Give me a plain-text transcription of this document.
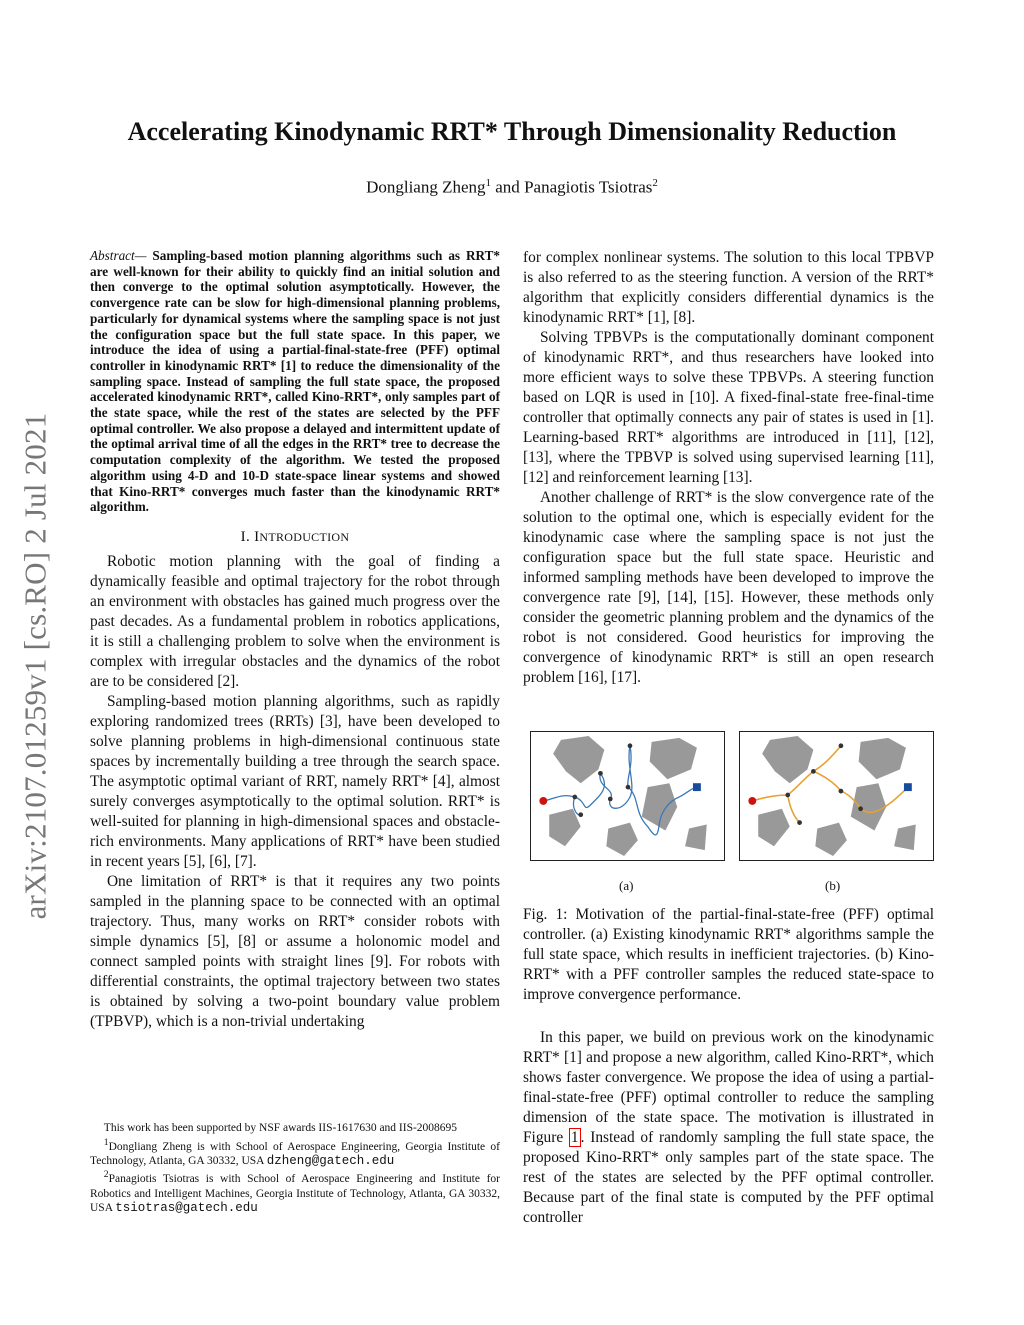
arXiv:2107.01259v1 [cs.RO] 2 Jul 2021
Accelerating Kinodynamic RRT* Through Dimensionality Reduction
Dongliang Zheng$^1$ and Panagiotis Tsiotras$^2$
Abstract— Sampling-based motion planning algorithms such as RRT* are well-known for their ability to quickly find an initial solution and then converge to the optimal solution asymptotically. However, the convergence rate can be slow for high-dimensional planning problems, particularly for dynamical systems where the sampling space is not just the configuration space but the full state space. In this paper, we introduce the idea of using a partial-final-state-free (PFF) optimal controller in kinodynamic RRT* [1] to reduce the dimensionality of the sampling space. Instead of sampling the full state space, the proposed accelerated kinodynamic RRT*, called Kino-RRT*, only samples part of the state space, while the rest of the states are selected by the PFF optimal controller. We also propose a delayed and intermittent update of the optimal arrival time of all the edges in the RRT* tree to decrease the computation complexity of the algorithm. We tested the proposed algorithm using 4-D and 10-D state-space linear systems and showed that Kino-RRT* converges much faster than the kinodynamic RRT* algorithm.
I. INTRODUCTION

Robotic motion planning with the goal of finding a dynamically feasible and optimal trajectory for the robot through an environment with obstacles has gained much progress over the past decades. As a fundamental problem in robotics applications, it is still a challenging problem to solve when the environment is complex with irregular obstacles and the dynamics of the robot are to be considered [2].

Sampling-based motion planning algorithms, such as rapidly exploring randomized trees (RRTs) [3], have been developed to solve planning problems in high-dimensional continuous state spaces by incrementally building a tree through the search space. The asymptotic optimal variant of RRT, namely RRT* [4], almost surely converges asymptotically to the optimal solution. RRT* is well-suited for planning in high-dimensional spaces and obstacle-rich environments. Many applications of RRT* have been studied in recent years [5], [6], [7].

One limitation of RRT* is that it requires any two points sampled in the planning space to be connected with an optimal trajectory. Thus, many works on RRT* consider robots with simple dynamics [5], [8] or assume a holonomic model and connect sampled points with straight lines [9]. For robots with differential constraints, the optimal trajectory between two states is obtained by solving a two-point boundary value problem (TPBVP), which is a non-trivial undertaking

This work has been supported by NSF awards IIS-1617630 and IIS-2008695

$^1$Dongliang Zheng is with School of Aerospace Engineering, Georgia Institute of Technology, Atlanta, GA 30332, USA dzheng@gatech.edu

$^2$Panagiotis Tsiotras is with School of Aerospace Engineering and Institute for Robotics and Intelligent Machines, Georgia Institute of Technology, Atlanta, GA 30332, USA tsiotras@gatech.edu

for complex nonlinear systems. The solution to this local TPBVP is also referred to as the steering function. A version of the RRT* algorithm that explicitly considers differential dynamics is the kinodynamic RRT* [1], [8].

Solving TPBVPs is the computationally dominant component of kinodynamic RRT*, and thus researchers have looked into more efficient ways to solve these TPBVPs. A steering function based on LQR is used in [10]. A fixed-final-state free-final-time controller that optimally connects any pair of states is used in [1]. Learning-based RRT* algorithms are introduced in [11], [12], [13], where the TPBVP is solved using supervised learning [11], [12] and reinforcement learning [13].

Another challenge of RRT* is the slow convergence rate of the solution to the optimal one, which is especially evident for the kinodynamic case where the sampling space is not just the configuration space but the full state space. Heuristic and informed sampling methods have been developed to improve the convergence rate [9], [14], [15]. However, these methods only consider the geometric planning problem and the dynamics of the robot is not considered. Good heuristics for improving the convergence of kinodynamic RRT* is still an open research problem [16], [17].

(a)	(b)
Fig. 1: Motivation of the partial-final-state-free (PFF) optimal controller. (a) Existing kinodynamic RRT* algorithms sample the full state space, which results in inefficient trajectories. (b) Kino-RRT* with a PFF controller samples the reduced state-space to improve convergence performance.

In this paper, we build on previous work on the kinodynamic RRT* [1] and propose a new algorithm, called Kino-RRT*, which shows faster convergence. We propose the idea of using a partial-final-state-free (PFF) optimal controller to reduce the sampling dimension of the state space. The motivation is illustrated in Figure 1 . Instead of randomly sampling the full state space, the proposed Kino-RRT* only samples part of the state space. The rest of the states are selected by the PFF optimal controller. Because part of the final state is computed by the PFF optimal controller
